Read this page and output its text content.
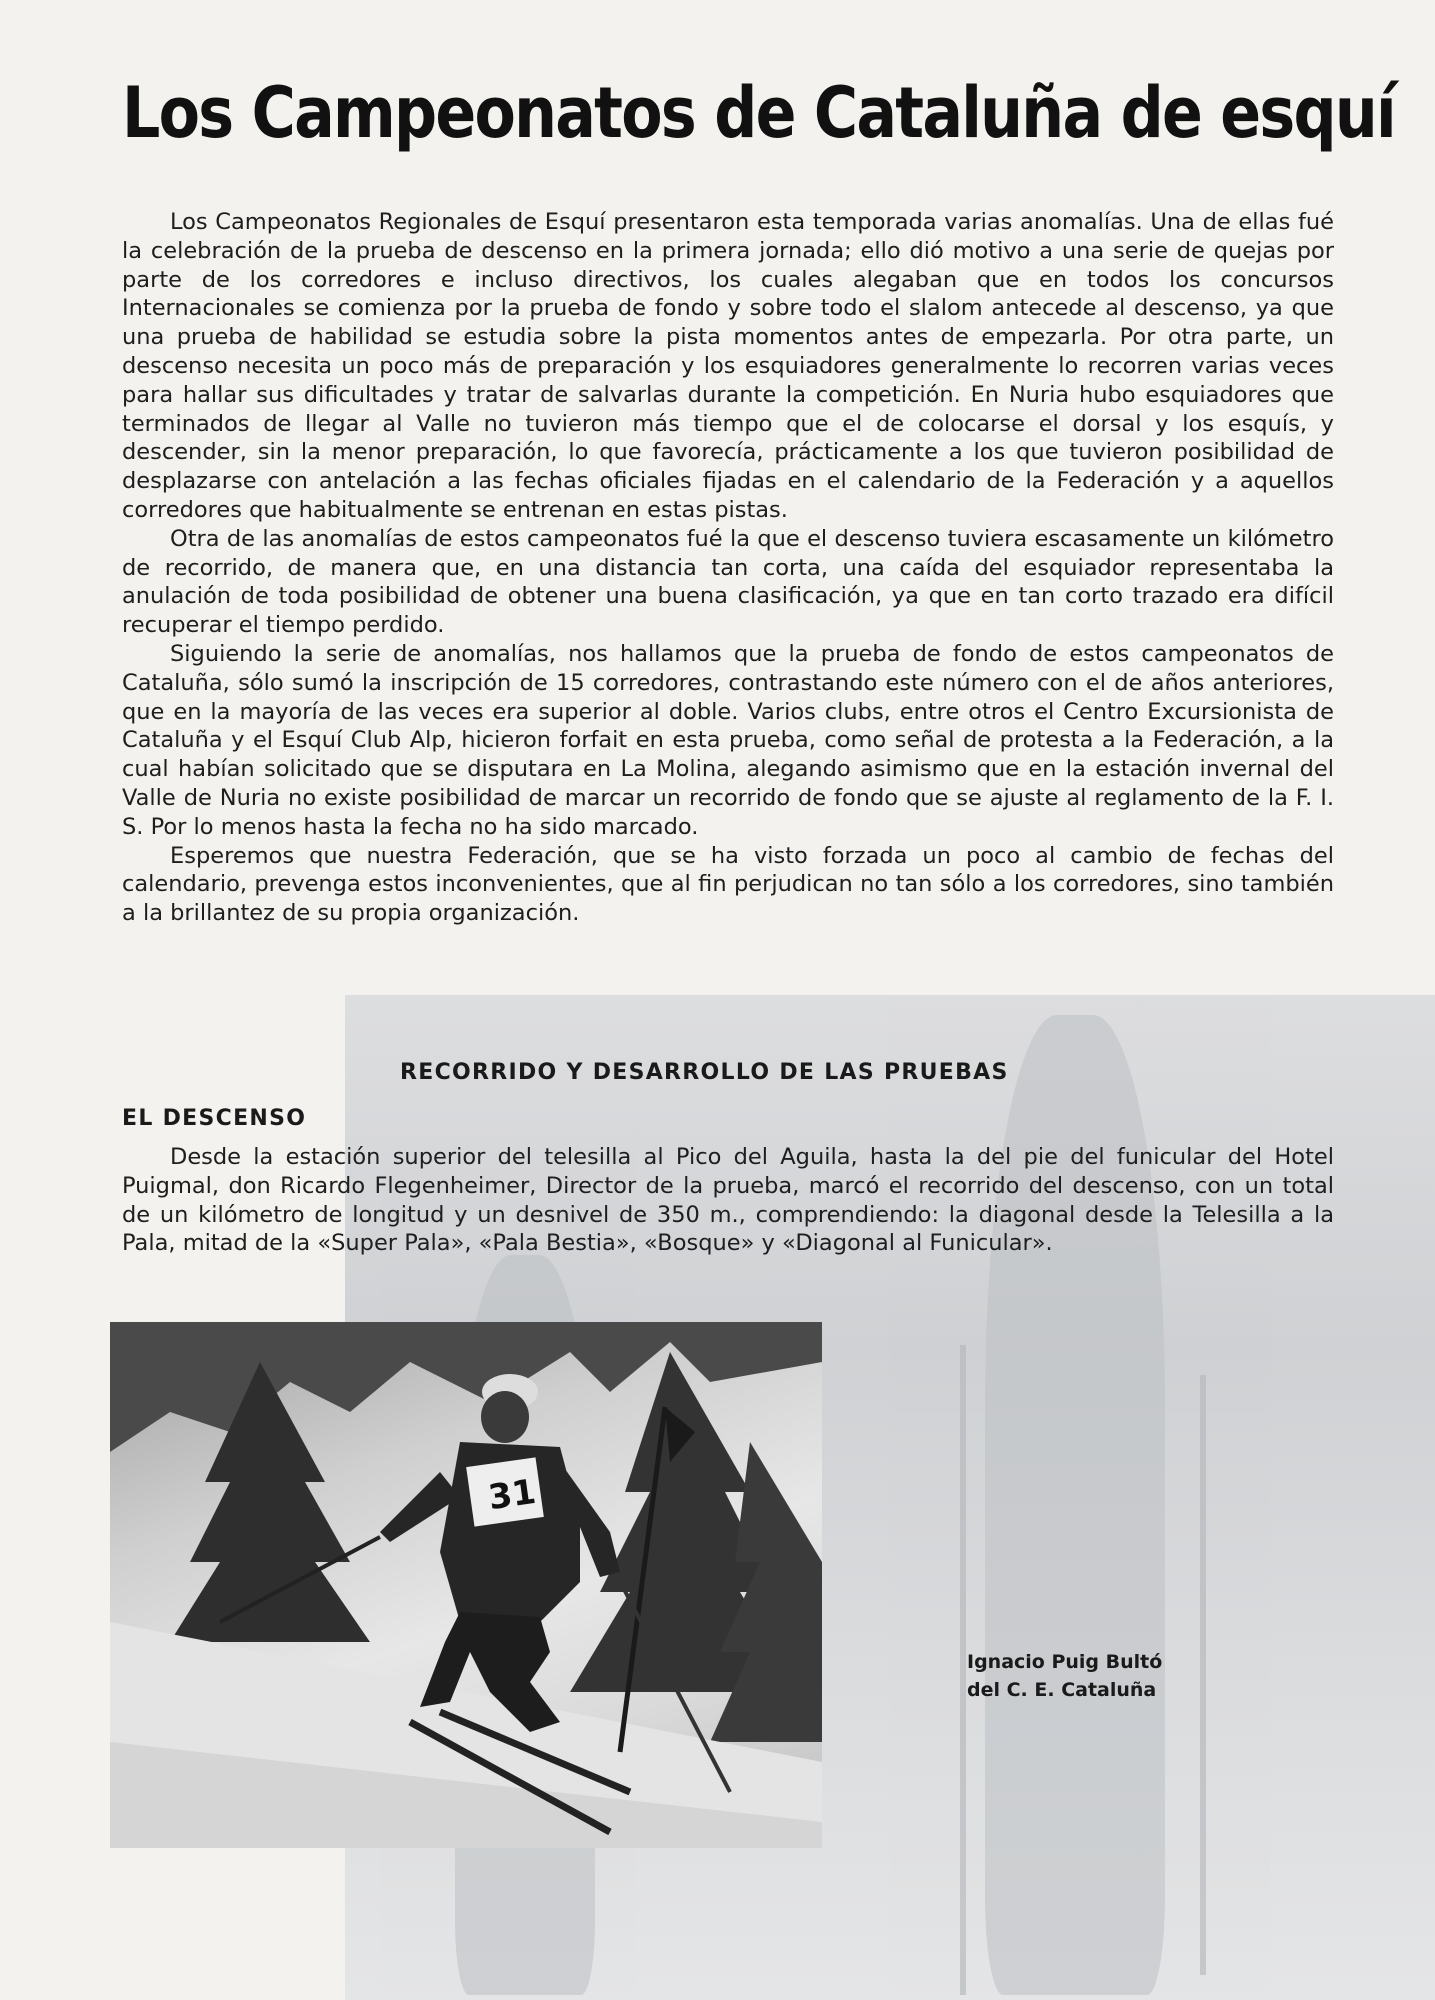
Los Campeonatos de Cataluña de esquí

Los Campeonatos Regionales de Esquí presentaron esta temporada varias anomalías. Una de ellas fué la celebración de la prueba de descenso en la primera jornada; ello dió motivo a una serie de quejas por parte de los corredores e incluso directivos, los cuales alegaban que en todos los concursos Internacionales se comienza por la prueba de fondo y sobre todo el slalom antecede al descenso, ya que una prueba de habilidad se estudia sobre la pista momentos antes de empezarla. Por otra parte, un descenso necesita un poco más de preparación y los esquiadores generalmente lo recorren varias veces para hallar sus dificultades y tratar de salvarlas durante la competición. En Nuria hubo esquiadores que terminados de llegar al Valle no tuvieron más tiempo que el de colocarse el dorsal y los esquís, y descender, sin la menor preparación, lo que favorecía, prácticamente a los que tuvieron posibilidad de desplazarse con antelación a las fechas oficiales fijadas en el calendario de la Federación y a aquellos corredores que habitualmente se entrenan en estas pistas.

Otra de las anomalías de estos campeonatos fué la que el descenso tuviera escasamente un kilómetro de recorrido, de manera que, en una distancia tan corta, una caída del esquiador representaba la anulación de toda posibilidad de obtener una buena clasificación, ya que en tan corto trazado era difícil recuperar el tiempo perdido.

Siguiendo la serie de anomalías, nos hallamos que la prueba de fondo de estos campeonatos de Cataluña, sólo sumó la inscripción de 15 corredores, contrastando este número con el de años anteriores, que en la mayoría de las veces era superior al doble. Varios clubs, entre otros el Centro Excursionista de Cataluña y el Esquí Club Alp, hicieron forfait en esta prueba, como señal de protesta a la Federación, a la cual habían solicitado que se disputara en La Molina, alegando asimismo que en la estación invernal del Valle de Nuria no existe posibilidad de marcar un recorrido de fondo que se ajuste al reglamento de la F. I. S. Por lo menos hasta la fecha no ha sido marcado.

Esperemos que nuestra Federación, que se ha visto forzada un poco al cambio de fechas del calendario, prevenga estos inconvenientes, que al fin perjudican no tan sólo a los corredores, sino también a la brillantez de su propia organización.

RECORRIDO Y DESARROLLO DE LAS PRUEBAS
EL DESCENSO

Desde la estación superior del telesilla al Pico del Aguila, hasta la del pie del funicular del Hotel Puigmal, don Ricardo Flegenheimer, Director de la prueba, marcó el recorrido del descenso, con un total de un kilómetro de longitud y un desnivel de 350 m., comprendiendo: la diagonal desde la Telesilla a la Pala, mitad de la «Super Pala», «Pala Bestia», «Bosque» y «Diagonal al Funicular».

31
Ignacio Puig Bultó
del C. E. Cataluña
